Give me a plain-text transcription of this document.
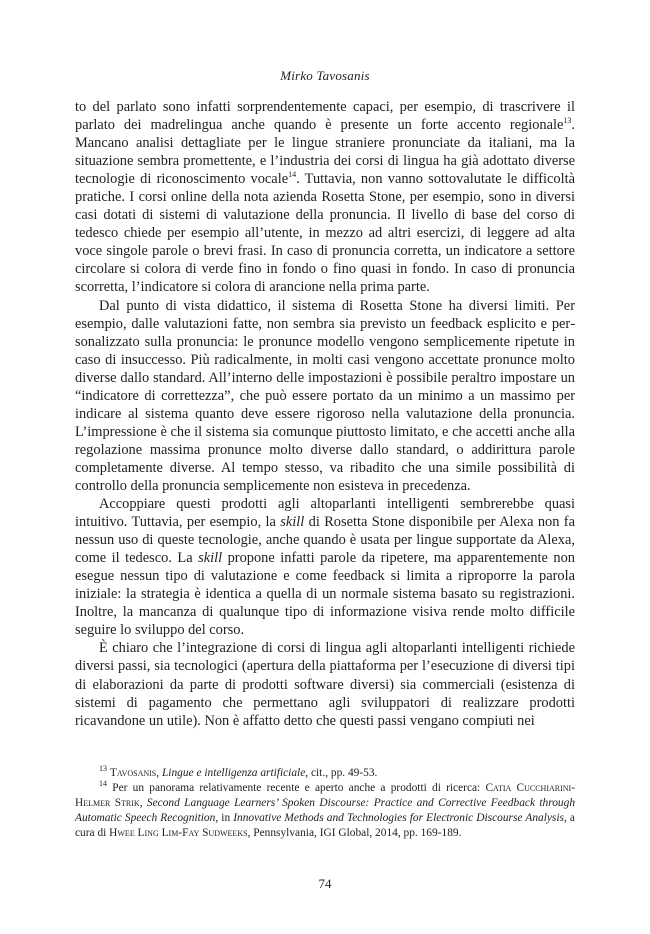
Mirko Tavosanis

to del parlato sono infatti sorprendentemente capaci, per esempio, di trascrivere il parlato dei madrelingua anche quando è presente un forte accento regionale$^{13}$. Mancano analisi dettagliate per le lingue straniere pronunciate da italiani, ma la situazione sembra promettente, e l’industria dei corsi di lingua ha già adottato diverse tecnologie di riconoscimento vocale$^{14}$. Tuttavia, non vanno sottovalutate le difficoltà pratiche. I corsi online della nota azienda Rosetta Stone, per esempio, sono in diversi casi dotati di sistemi di valutazione della pronuncia. Il livello di base del corso di tedesco chiede per esempio all’utente, in mezzo ad altri esercizi, di leggere ad alta voce singole parole o brevi frasi. In caso di pronuncia corretta, un indicatore a settore circolare si colora di verde fino in fondo o fino quasi in fondo. In caso di pronuncia scorretta, l’indicatore si colora di arancione nella prima parte.

Dal punto di vista didattico, il sistema di Rosetta Stone ha diversi limiti. Per esempio, dalle valutazioni fatte, non sembra sia previsto un feedback esplicito e personalizzato sulla pronuncia: le pronunce modello vengono semplicemente ripetute in caso di insuccesso. Più radicalmente, in molti casi vengono accettate pronunce molto diverse dallo standard. All’interno delle impostazioni è possibile peraltro impostare un “indicatore di correttezza”, che può essere portato da un minimo a un massimo per indicare al sistema quanto deve essere rigoroso nella valutazione della pronuncia. L’impressione è che il sistema sia comunque piuttosto limitato, e che accetti anche alla regolazione massima pronunce molto diverse dallo standard, o addirittura parole completamente diverse. Al tempo stesso, va ribadito che una simile possibilità di controllo della pronuncia semplicemente non esisteva in precedenza.

Accoppiare questi prodotti agli altoparlanti intelligenti sembrerebbe quasi intuitivo. Tuttavia, per esempio, la skill di Rosetta Stone disponibile per Alexa non fa nessun uso di queste tecnologie, anche quando è usata per lingue supportate da Alexa, come il tedesco. La skill propone infatti parole da ripetere, ma apparentemente non esegue nessun tipo di valutazione e come feedback si limita a riproporre la parola iniziale: la strategia è identica a quella di un normale sistema basato su registrazioni. Inoltre, la mancanza di qualunque tipo di informazione visiva rende molto difficile seguire lo sviluppo del corso.

È chiaro che l’integrazione di corsi di lingua agli altoparlanti intelligenti richiede diversi passi, sia tecnologici (apertura della piattaforma per l’esecuzione di diversi tipi di elaborazioni da parte di prodotti software diversi) sia commerciali (esistenza di sistemi di pagamento che permettano agli sviluppatori di realizzare prodotti ricavandone un utile). Non è affatto detto che questi passi vengano compiuti nei

$^{13}$ Tavosanis, Lingue e intelligenza artificiale, cit., pp. 49-53.

$^{14}$ Per un panorama relativamente recente e aperto anche a prodotti di ricerca: Catia Cucchiarini-Helmer Strik, Second Language Learners’ Spoken Discourse: Practice and Corrective Feedback through Automatic Speech Recognition, in Innovative Methods and Technologies for Electronic Discourse Analysis, a cura di Hwee Ling Lim-Fay Sudweeks, Pennsylvania, IGI Global, 2014, pp. 169-189.

74
